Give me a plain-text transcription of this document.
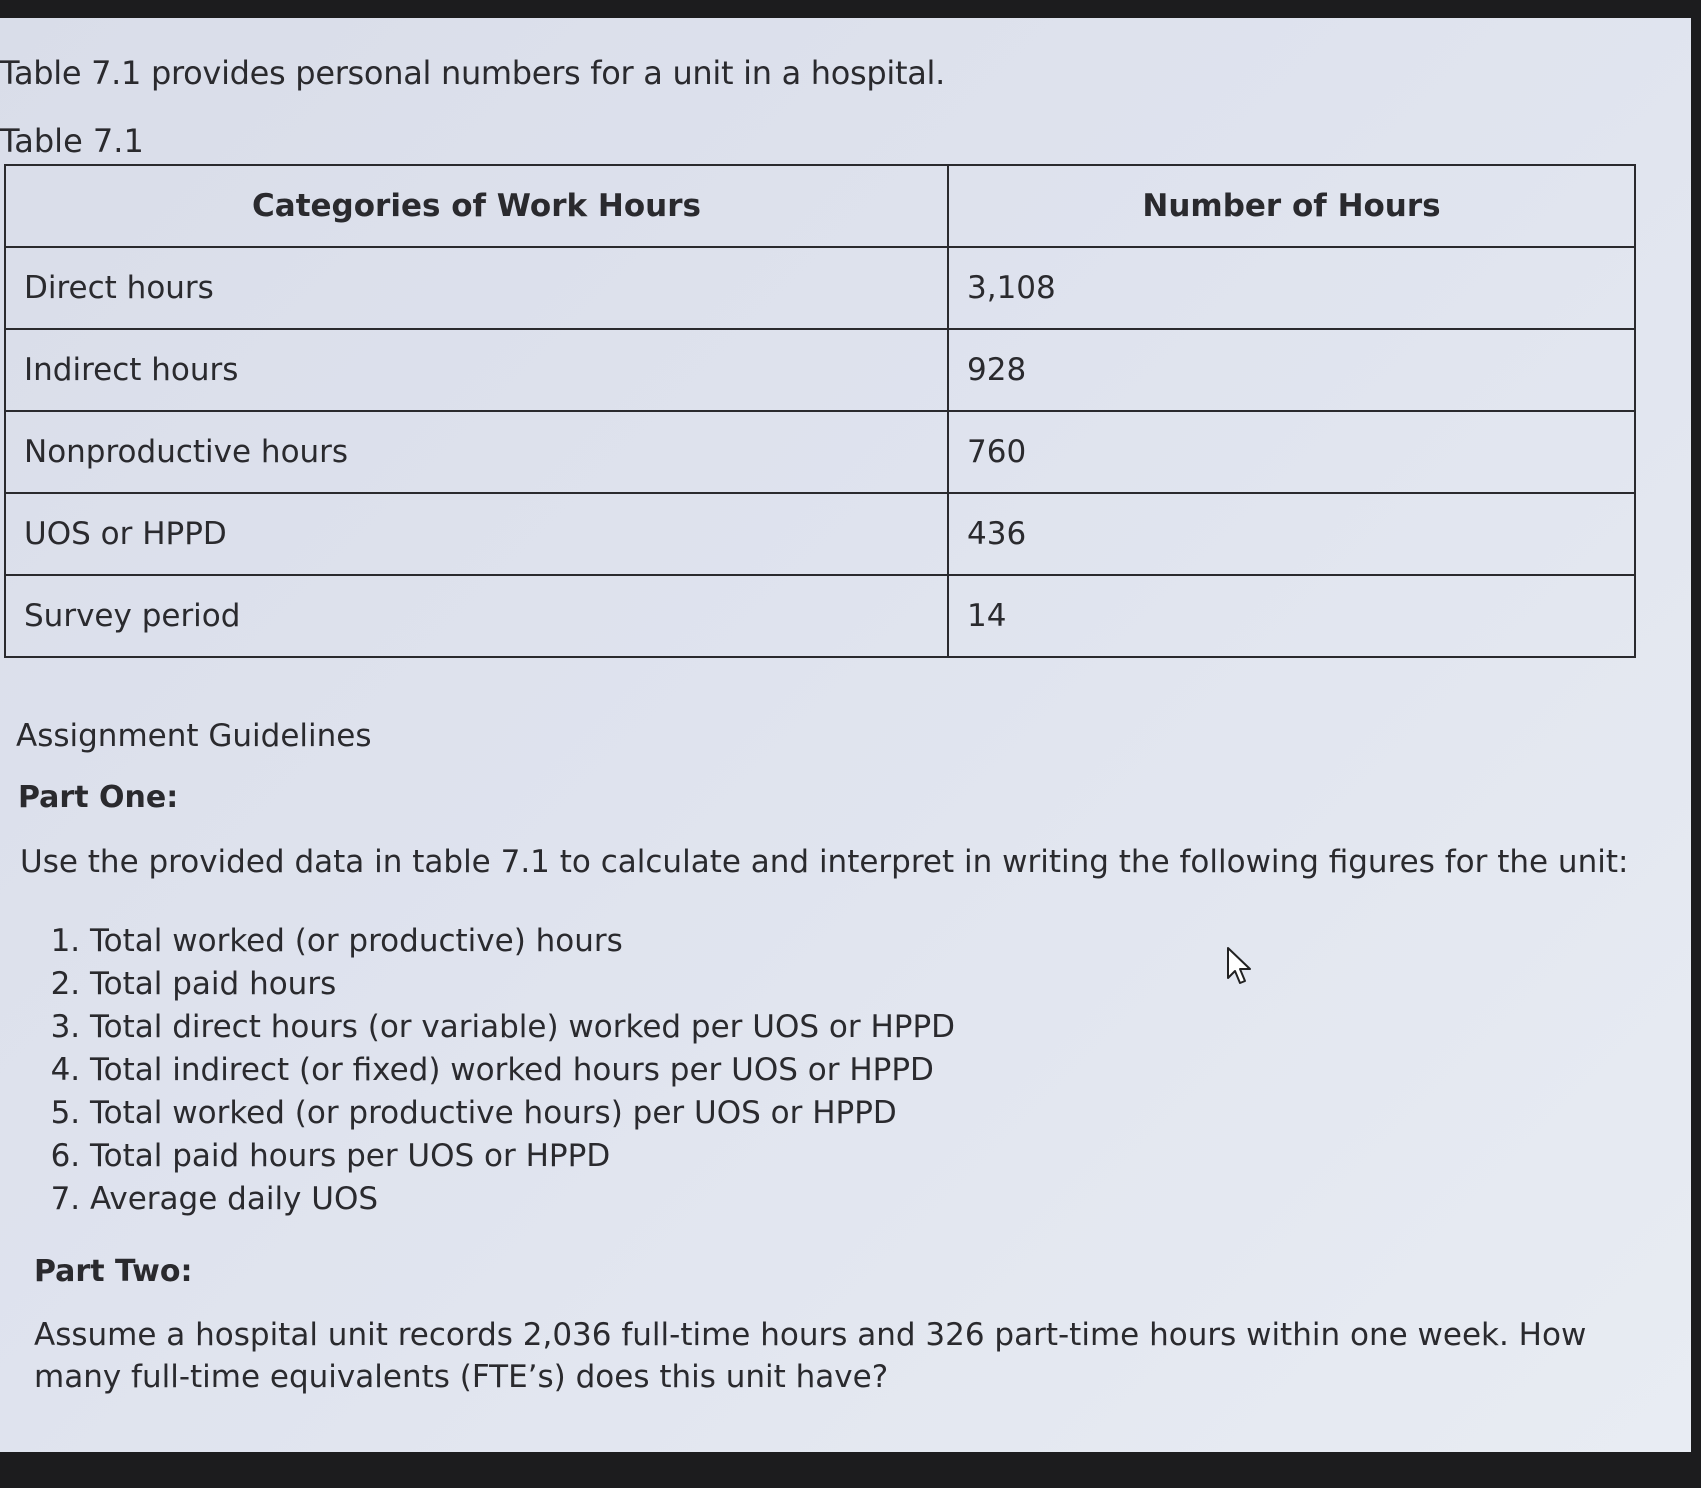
Table 7.1 provides personal numbers for a unit in a hospital.

Table 7.1

Categories of Work Hours	Number of Hours
Direct hours	3,108
Indirect hours	928
Nonproductive hours	760
UOS or HPPD	436
Survey period	14

Assignment Guidelines

Part One:

Use the provided data in table 7.1 to calculate and interpret in writing the following figures for the unit:

1. Total worked (or productive) hours
2. Total paid hours
3. Total direct hours (or variable) worked per UOS or HPPD
4. Total indirect (or fixed) worked hours per UOS or HPPD
5. Total worked (or productive hours) per UOS or HPPD
6. Total paid hours per UOS or HPPD
7. Average daily UOS

Part Two:

Assume a hospital unit records 2,036 full-time hours and 326 part-time hours within one week. How many full-time equivalents (FTE’s) does this unit have?
